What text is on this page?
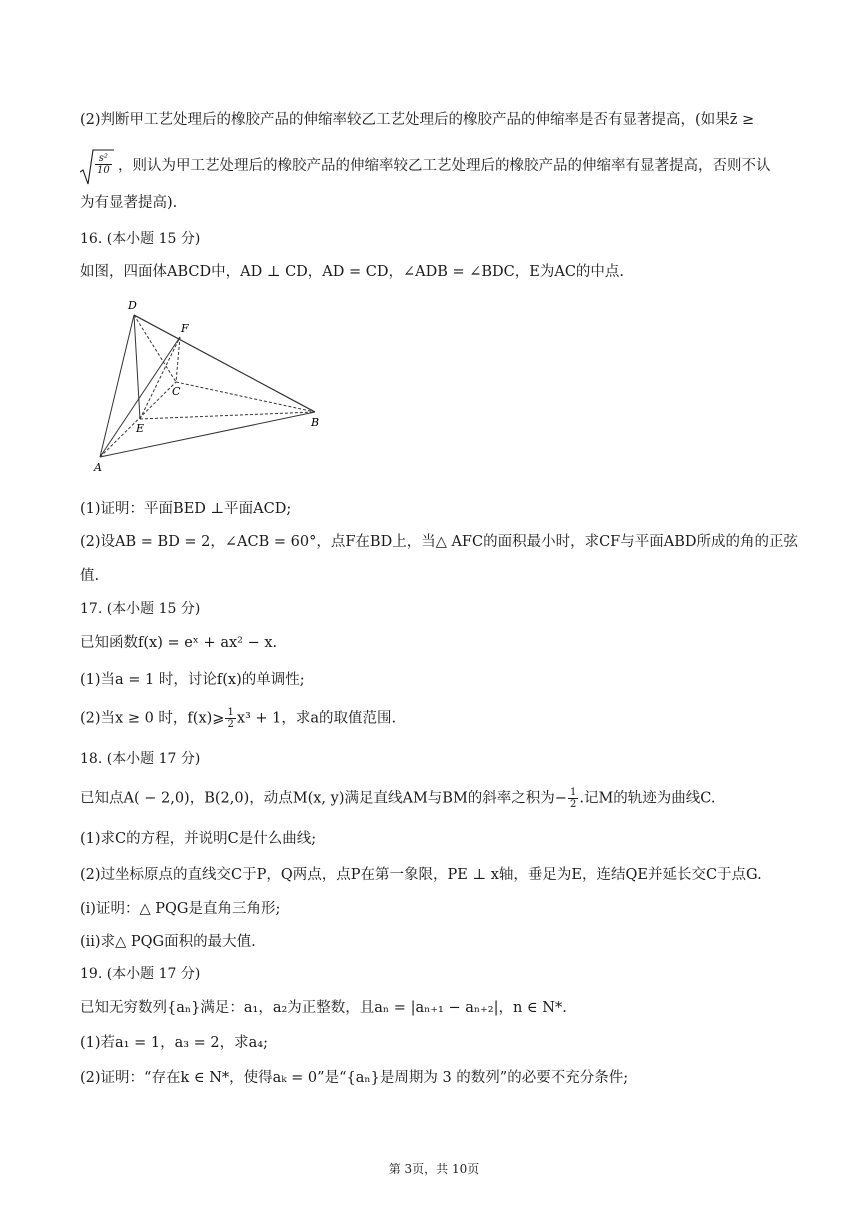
(2)判断甲工艺处理后的橡胶产品的伸缩率较乙工艺处理后的橡胶产品的伸缩率是否有显著提高，(如果z̄ ≥
$\frac{\text{s²}}{10}$ ，则认为甲工艺处理后的橡胶产品的伸缩率较乙工艺处理后的橡胶产品的伸缩率有显著提高，否则不认
为有显著提高).
16. (本小题 15 分)
如图，四面体ABCD中，AD ⊥ CD，AD = CD，∠ADB = ∠BDC，E为AC的中点.
D
F
C
E	B
A
(1)证明：平面BED ⊥平面ACD;
(2)设AB = BD = 2，∠ACB = 60°，点F在BD上，当△ AFC的面积最小时，求CF与平面ABD所成的角的正弦
值.
17. (本小题 15 分)
已知函数f(x) = eˣ + ax² − x.
(1)当a = 1 时，讨论f(x)的单调性;
(2)当x ≥ 0 时，f(x)⩾ $\frac{1}{2} x^3 + 1$，求a的取值范围.
18. (本小题 17 分)
已知点A( − 2,0)，B(2,0)，动点M(x, y)满足直线AM与BM的斜率之积为− $\frac{1}{2}$ .记M的轨迹为曲线C.
(1)求C的方程，并说明C是什么曲线;
(2)过坐标原点的直线交C于P，Q两点，点P在第一象限，PE ⊥ x轴，垂足为E，连结QE并延长交C于点G.
(i)证明：△ PQG是直角三角形;
(ii)求△ PQG面积的最大值.
19. (本小题 17 分)
已知无穷数列{aₙ}满足：a₁，a₂为正整数，且aₙ = |aₙ₊₁ − aₙ₊₂|，n ∈ N*.
(1)若a₁ = 1，a₃ = 2，求a₄;
(2)证明：“存在k ∈ N*，使得aₖ = 0”是“{aₙ}是周期为 3 的数列”的必要不充分条件;
第 3页，共 10页
